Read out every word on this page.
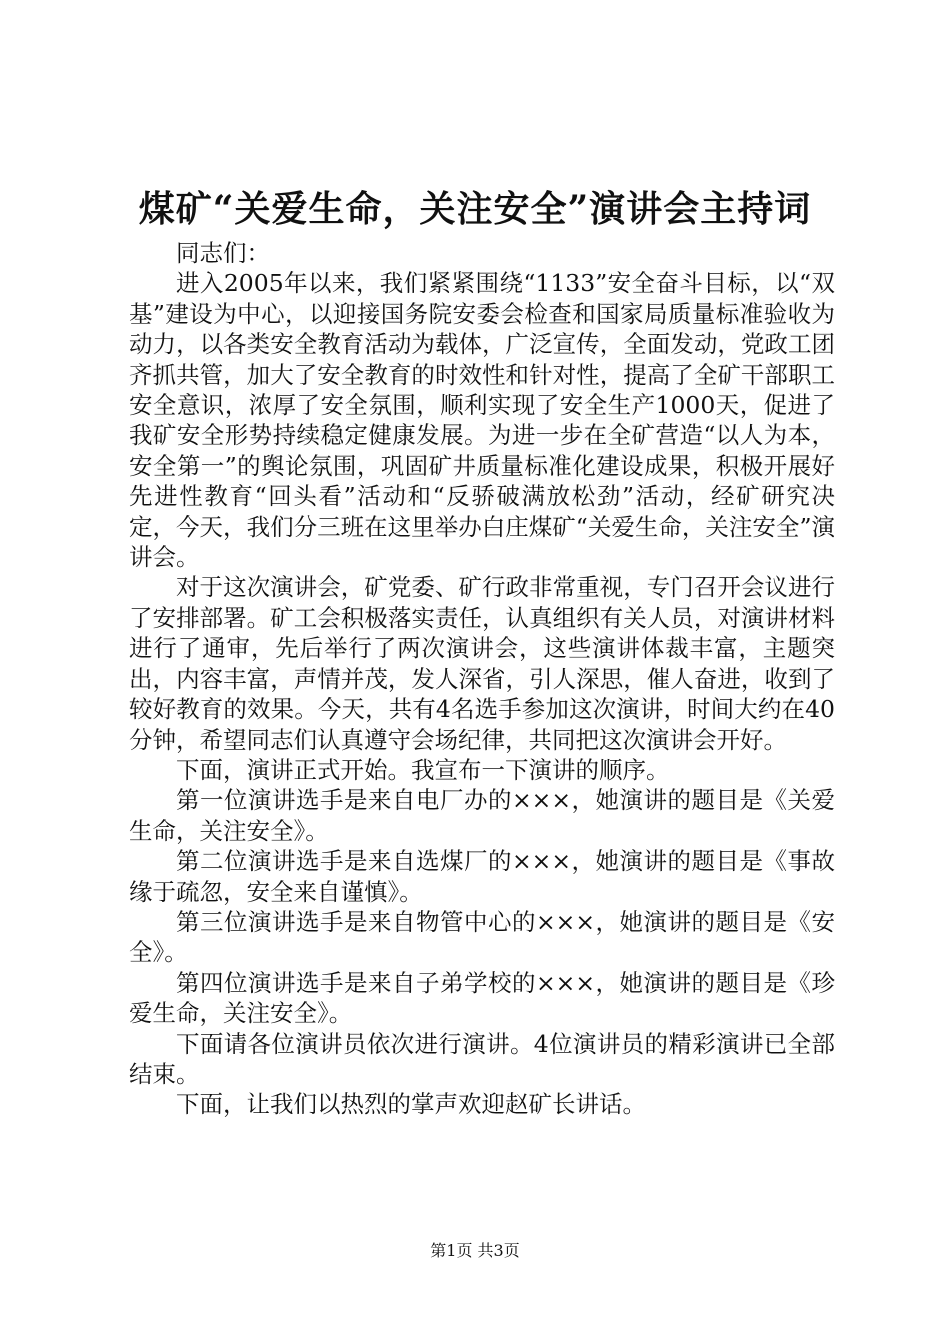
煤矿“关爱生命，关注安全”演讲会主持词

同志们：

进入2005年以来，我们紧紧围绕“1133”安全奋斗目标，以“双基”建设为中心，以迎接国务院安委会检查和国家局质量标准验收为动力，以各类安全教育活动为载体，广泛宣传，全面发动，党政工团齐抓共管，加大了安全教育的时效性和针对性，提高了全矿干部职工安全意识，浓厚了安全氛围，顺利实现了安全生产1000天，促进了我矿安全形势持续稳定健康发展。为进一步在全矿营造“以人为本，安全第一”的舆论氛围，巩固矿井质量标准化建设成果，积极开展好先进性教育“回头看”活动和“反骄破满放松劲”活动，经矿研究决定，今天，我们分三班在这里举办白庄煤矿“关爱生命，关注安全”演讲会。

对于这次演讲会，矿党委、矿行政非常重视，专门召开会议进行了安排部署。矿工会积极落实责任，认真组织有关人员，对演讲材料进行了通审，先后举行了两次演讲会，这些演讲体裁丰富，主题突出，内容丰富，声情并茂，发人深省，引人深思，催人奋进，收到了较好教育的效果。今天，共有4名选手参加这次演讲，时间大约在40分钟，希望同志们认真遵守会场纪律，共同把这次演讲会开好。

下面，演讲正式开始。我宣布一下演讲的顺序。

第一位演讲选手是来自电厂办的×××，她演讲的题目是《关爱生命，关注安全》。

第二位演讲选手是来自选煤厂的×××，她演讲的题目是《事故缘于疏忽，安全来自谨慎》。

第三位演讲选手是来自物管中心的×××，她演讲的题目是《安全》。

第四位演讲选手是来自子弟学校的×××，她演讲的题目是《珍爱生命，关注安全》。

下面请各位演讲员依次进行演讲。4位演讲员的精彩演讲已全部结束。

下面，让我们以热烈的掌声欢迎赵矿长讲话。

第1页 共3页
